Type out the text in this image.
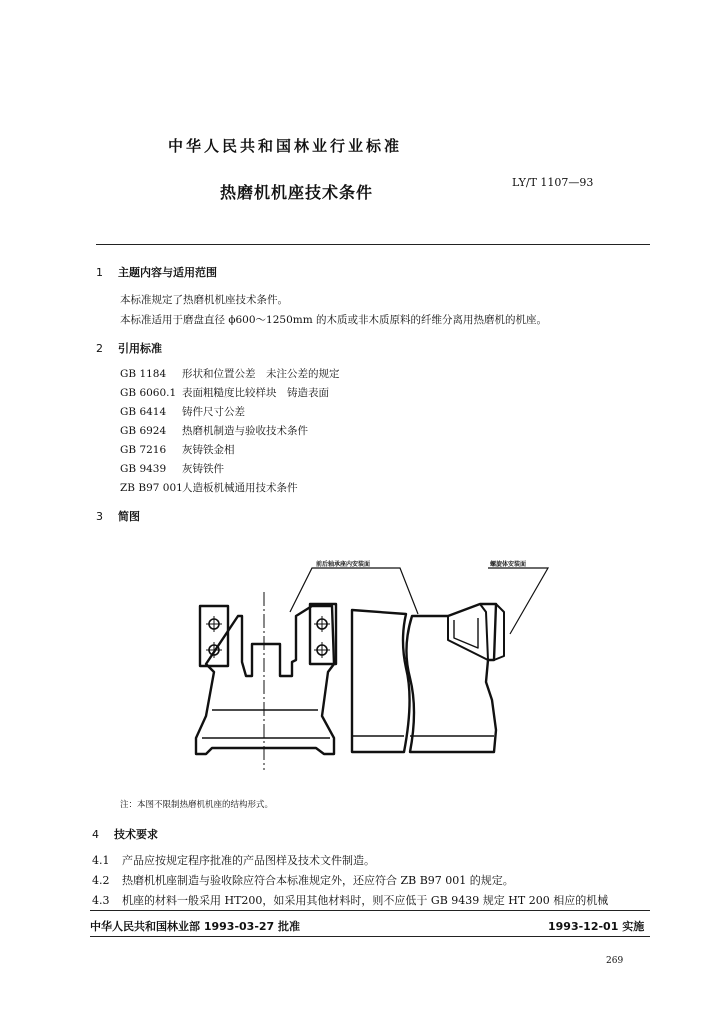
中华人民共和国林业行业标准
热磨机机座技术条件
LY/T 1107—93
1 主题内容与适用范围
本标准规定了热磨机机座技术条件。
本标准适用于磨盘直径 ϕ600～1250mm 的木质或非木质原料的纤维分离用热磨机的机座。
2 引用标准
GB 1184 形状和位置公差　未注公差的规定
GB 6060.1 表面粗糙度比较样块　铸造表面
GB 6414 铸件尺寸公差
GB 6924 热磨机制造与验收技术条件
GB 7216 灰铸铁金相
GB 9439 灰铸铁件
ZB B97 001人造板机械通用技术条件
3 简图
前后轴承座内安装面	螺旋体安装面
注：本图不限制热磨机机座的结构形式。
4 技术要求
4.1 产品应按规定程序批准的产品图样及技术文件制造。
4.2 热磨机机座制造与验收除应符合本标准规定外，还应符合 ZB B97 001 的规定。
4.3 机座的材料一般采用 HT200，如采用其他材料时，则不应低于 GB 9439 规定 HT 200 相应的机械
中华人民共和国林业部 1993-03-27 批准	1993-12-01 实施
269
